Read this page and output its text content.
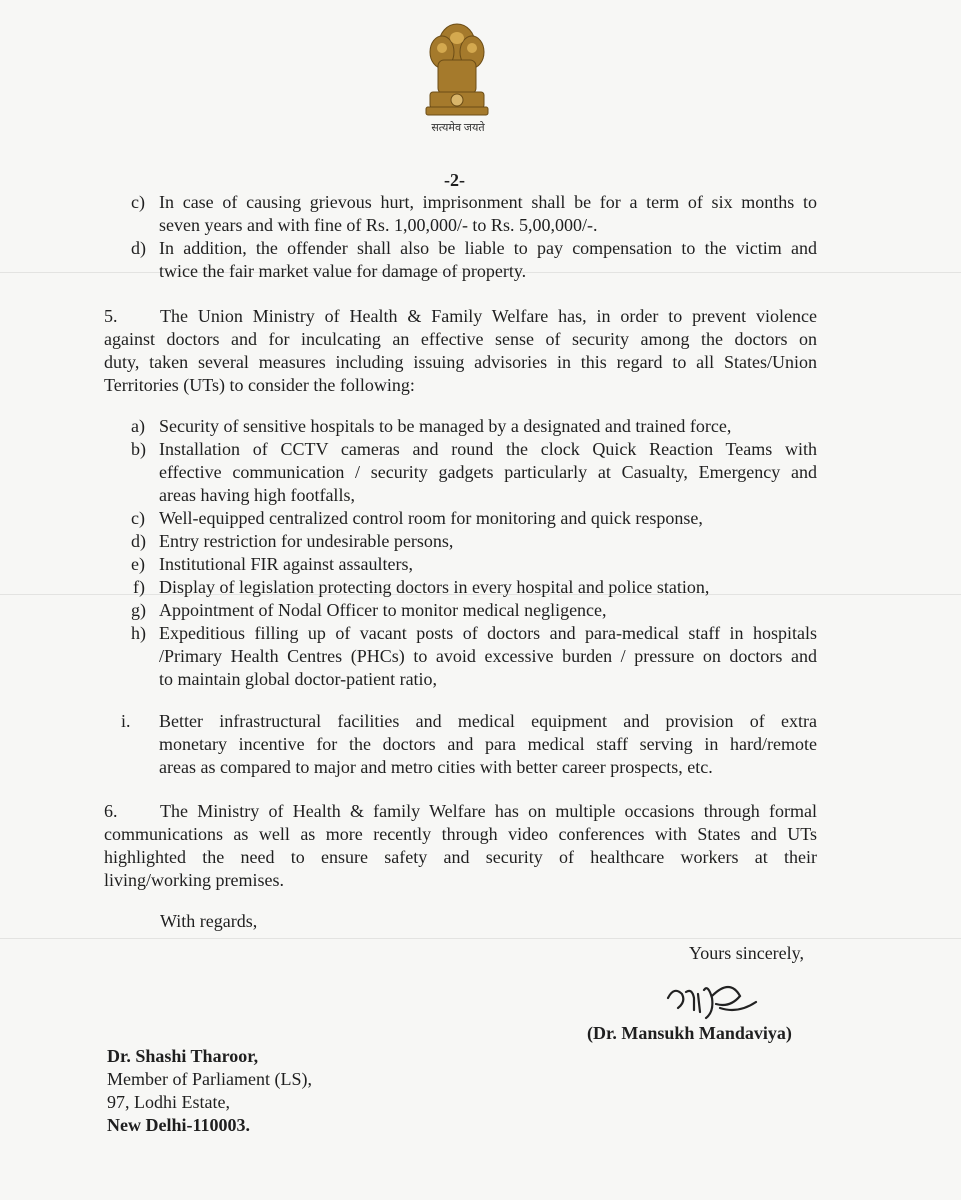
सत्यमेव जयते
-2-
c) In case of causing grievous hurt, imprisonment shall be for a term of six months to
seven years and with fine of Rs. 1,00,000/- to Rs. 5,00,000/-.
d) In addition, the offender shall also be liable to pay compensation to the victim and
twice the fair market value for damage of property.
5. The Union Ministry of Health & Family Welfare has, in order to prevent violence
against doctors and for inculcating an effective sense of security among the doctors on
duty, taken several measures including issuing advisories in this regard to all States/Union
Territories (UTs) to consider the following:
a) Security of sensitive hospitals to be managed by a designated and trained force,
b) Installation of CCTV cameras and round the clock Quick Reaction Teams with
effective communication / security gadgets particularly at Casualty, Emergency and
areas having high footfalls,
c) Well-equipped centralized control room for monitoring and quick response,
d) Entry restriction for undesirable persons,
e) Institutional FIR against assaulters,
f) Display of legislation protecting doctors in every hospital and police station,
g) Appointment of Nodal Officer to monitor medical negligence,
h) Expeditious filling up of vacant posts of doctors and para-medical staff in hospitals
/Primary Health Centres (PHCs) to avoid excessive burden / pressure on doctors and
to maintain global doctor-patient ratio,
i. Better infrastructural facilities and medical equipment and provision of extra
monetary incentive for the doctors and para medical staff serving in hard/remote
areas as compared to major and metro cities with better career prospects, etc.
6. The Ministry of Health & family Welfare has on multiple occasions through formal
communications as well as more recently through video conferences with States and UTs
highlighted the need to ensure safety and security of healthcare workers at their
living/working premises.
With regards,
Yours sincerely,
(Dr. Mansukh Mandaviya)
Dr. Shashi Tharoor,
Member of Parliament (LS),
97, Lodhi Estate,
New Delhi-110003.
